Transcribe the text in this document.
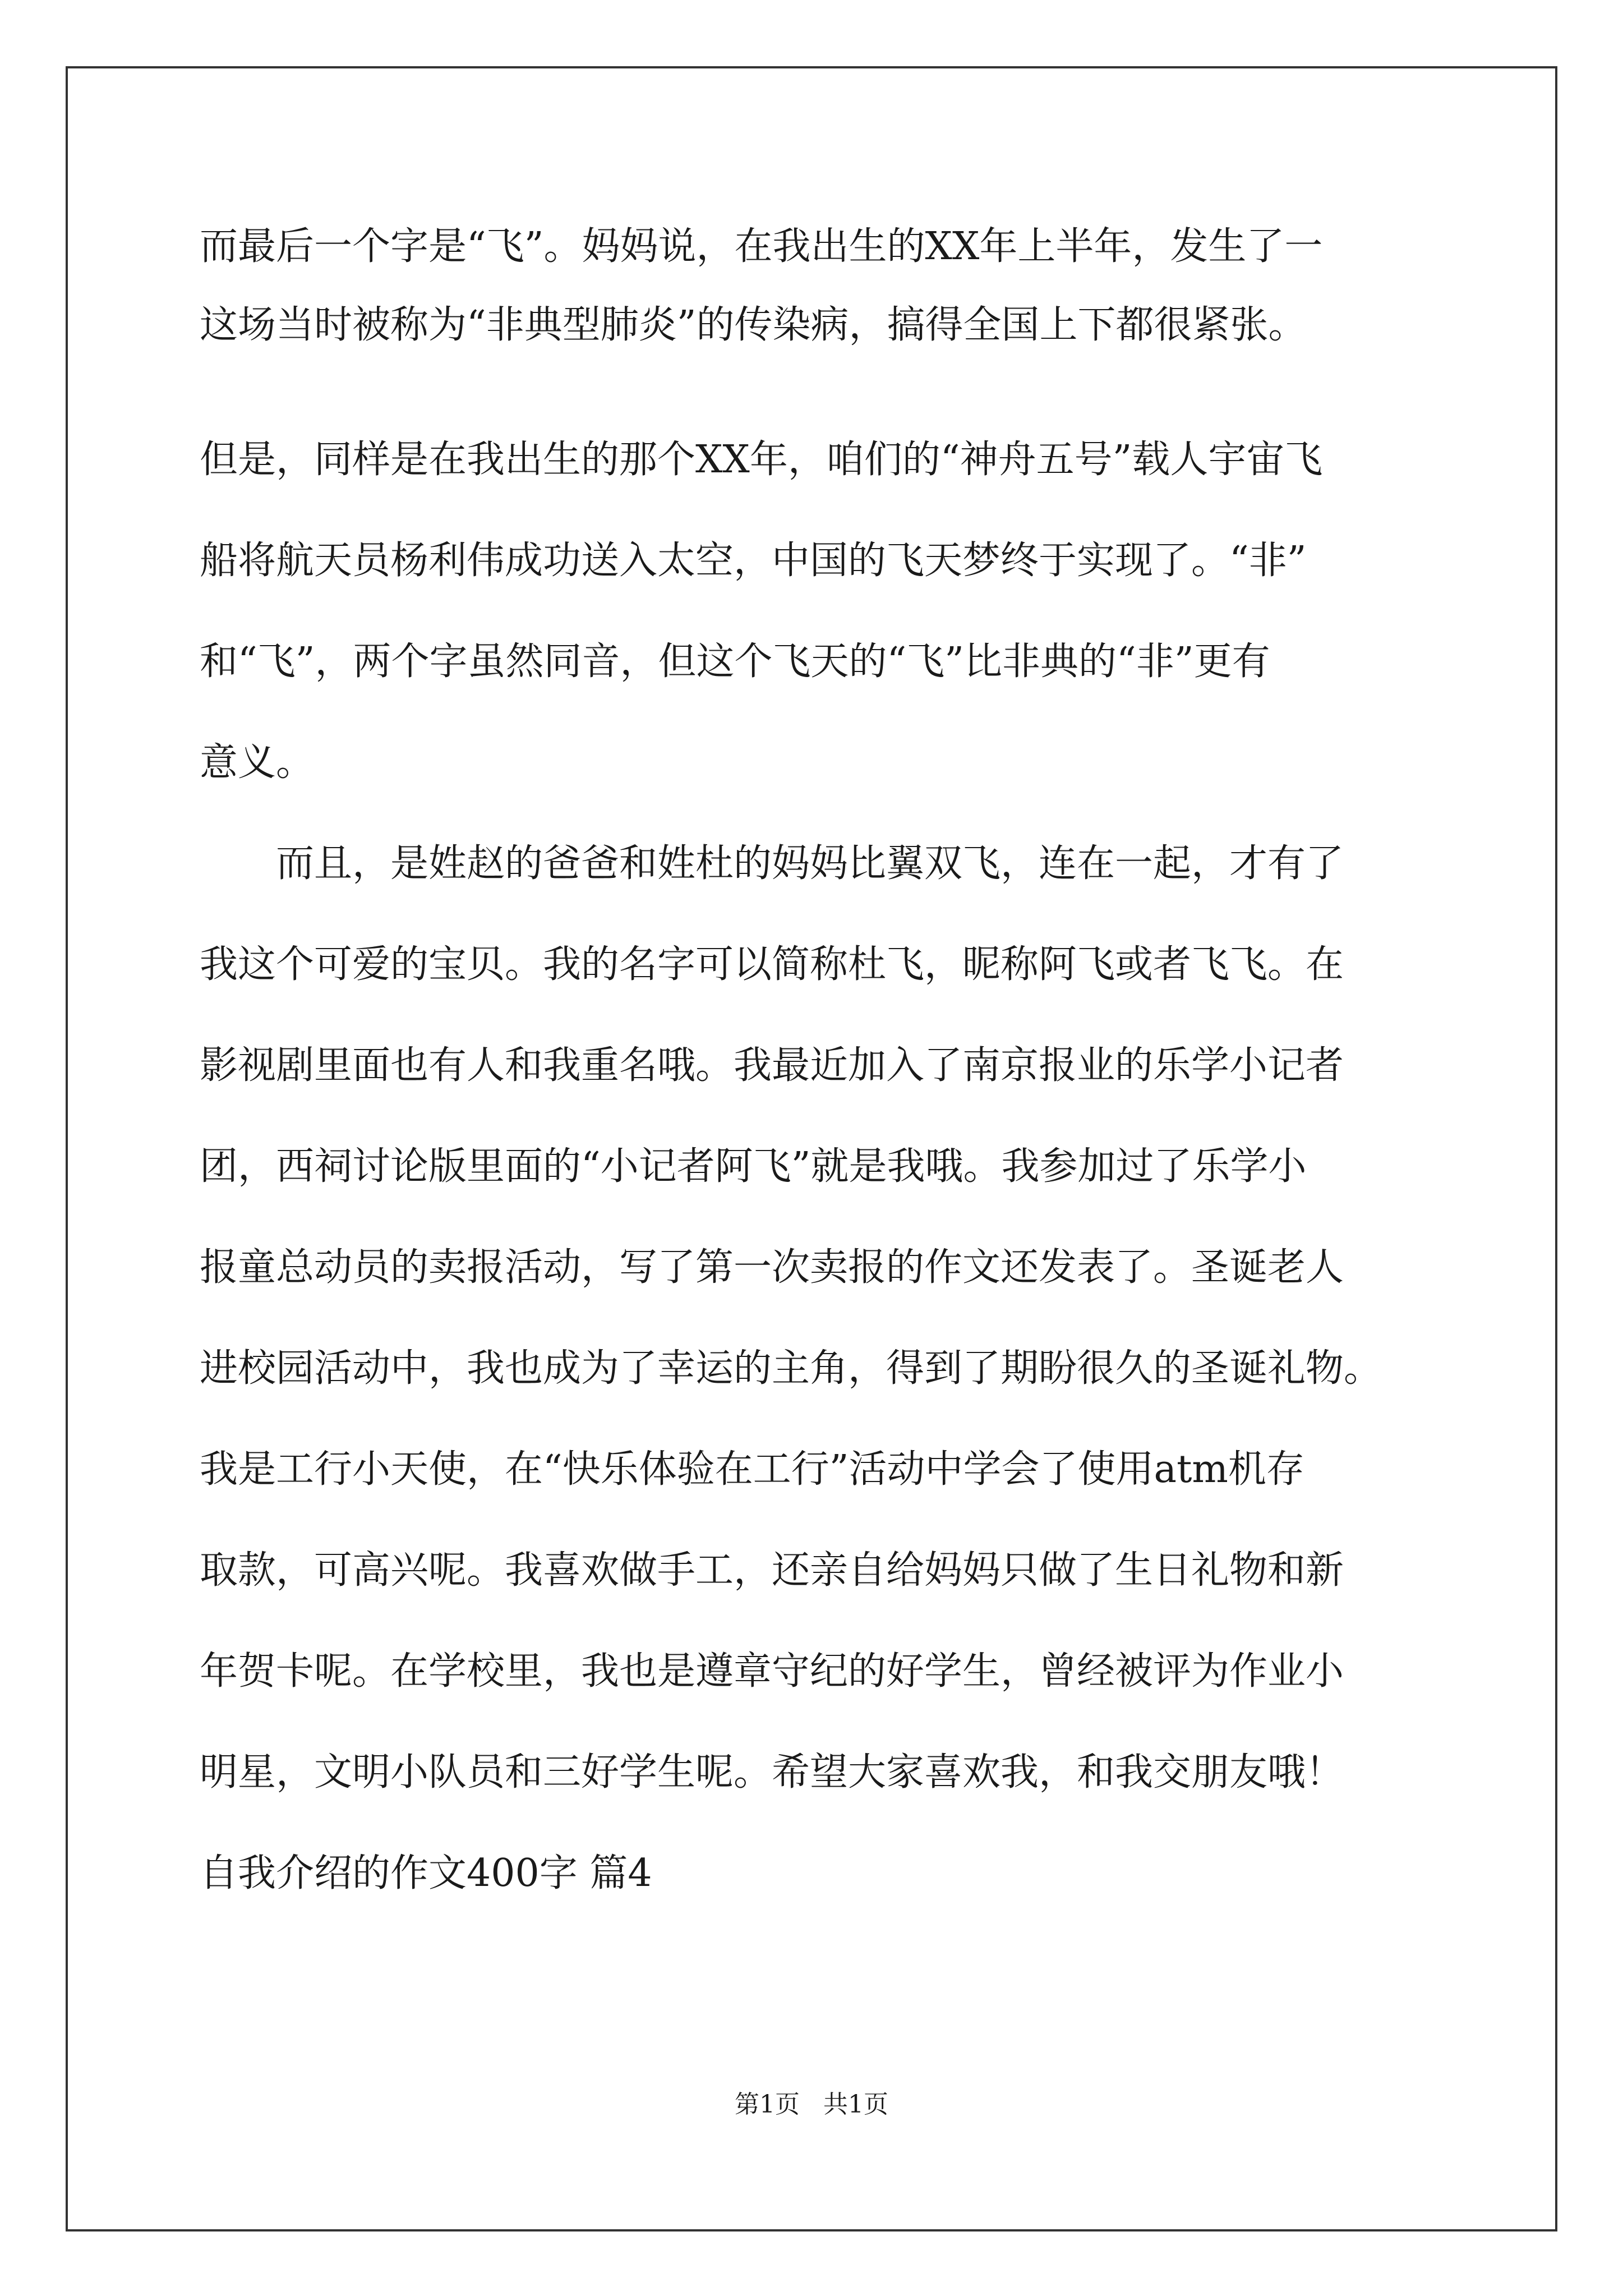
而最后一个字是“飞”。妈妈说，在我出生的XX年上半年，发生了一

这场当时被称为“非典型肺炎”的传染病，搞得全国上下都很紧张。

但是，同样是在我出生的那个XX年，咱们的“神舟五号”载人宇宙飞

船将航天员杨利伟成功送入太空，中国的飞天梦终于实现了。“非”

和“飞”，两个字虽然同音，但这个飞天的“飞”比非典的“非”更有

意义。

　　而且，是姓赵的爸爸和姓杜的妈妈比翼双飞，连在一起，才有了

我这个可爱的宝贝。我的名字可以简称杜飞，昵称阿飞或者飞飞。在

影视剧里面也有人和我重名哦。我最近加入了南京报业的乐学小记者

团，西祠讨论版里面的“小记者阿飞”就是我哦。我参加过了乐学小

报童总动员的卖报活动，写了第一次卖报的作文还发表了。圣诞老人

进校园活动中，我也成为了幸运的主角，得到了期盼很久的圣诞礼物。

我是工行小天使，在“快乐体验在工行”活动中学会了使用atm机存

取款，可高兴呢。我喜欢做手工，还亲自给妈妈只做了生日礼物和新

年贺卡呢。在学校里，我也是遵章守纪的好学生，曾经被评为作业小

明星，文明小队员和三好学生呢。希望大家喜欢我，和我交朋友哦！

自我介绍的作文400字 篇4

第1页   共1页
